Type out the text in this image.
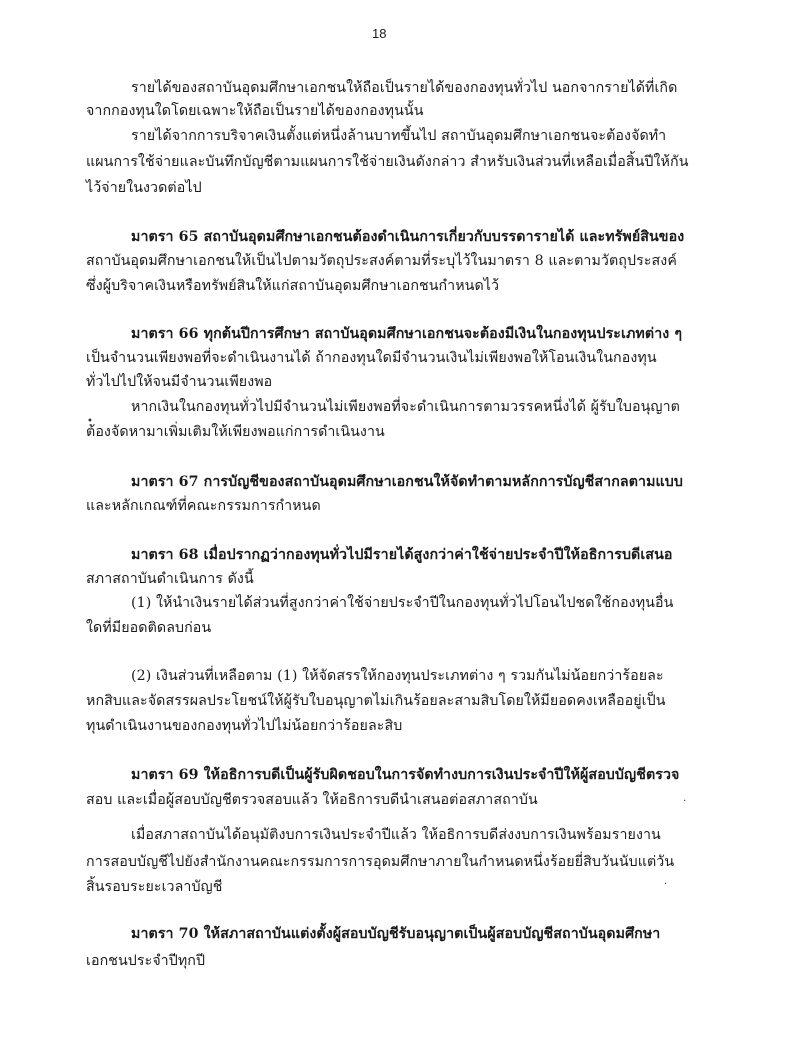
18
รายได้ของสถาบันอุดมศึกษาเอกชนให้ถือเป็นรายได้ของกองทุนทั่วไป นอกจากรายได้ที่เกิด
จากกองทุนใดโดยเฉพาะให้ถือเป็นรายได้ของกองทุนนั้น
รายได้จากการบริจาคเงินตั้งแต่หนึ่งล้านบาทขึ้นไป สถาบันอุดมศึกษาเอกชนจะต้องจัดทำ
แผนการใช้จ่ายและบันทึกบัญชีตามแผนการใช้จ่ายเงินดังกล่าว สำหรับเงินส่วนที่เหลือเมื่อสิ้นปีให้กัน
ไว้จ่ายในงวดต่อไป
มาตรา 65 สถาบันอุดมศึกษาเอกชนต้องดำเนินการเกี่ยวกับบรรดารายได้ และทรัพย์สินของ
สถาบันอุดมศึกษาเอกชนให้เป็นไปตามวัตถุประสงค์ตามที่ระบุไว้ในมาตรา 8 และตามวัตถุประสงค์
ซึ่งผู้บริจาคเงินหรือทรัพย์สินให้แก่สถาบันอุดมศึกษาเอกชนกำหนดไว้
มาตรา 66 ทุกต้นปีการศึกษา สถาบันอุดมศึกษาเอกชนจะต้องมีเงินในกองทุนประเภทต่าง ๆ
เป็นจำนวนเพียงพอที่จะดำเนินงานได้ ถ้ากองทุนใดมีจำนวนเงินไม่เพียงพอให้โอนเงินในกองทุน
ทั่วไปไปให้จนมีจำนวนเพียงพอ
หากเงินในกองทุนทั่วไปมีจำนวนไม่เพียงพอที่จะดำเนินการตามวรรคหนึ่งได้ ผู้รับใบอนุญาต
ต้องจัดหามาเพิ่มเติมให้เพียงพอแก่การดำเนินงาน
มาตรา 67 การบัญชีของสถาบันอุดมศึกษาเอกชนให้จัดทำตามหลักการบัญชีสากลตามแบบ
และหลักเกณฑ์ที่คณะกรรมการกำหนด
มาตรา 68 เมื่อปรากฏว่ากองทุนทั่วไปมีรายได้สูงกว่าค่าใช้จ่ายประจำปีให้อธิการบดีเสนอ
สภาสถาบันดำเนินการ ดังนี้
(1) ให้นำเงินรายได้ส่วนที่สูงกว่าค่าใช้จ่ายประจำปีในกองทุนทั่วไปโอนไปชดใช้กองทุนอื่น
ใดที่มียอดติดลบก่อน
(2) เงินส่วนที่เหลือตาม (1) ให้จัดสรรให้กองทุนประเภทต่าง ๆ รวมกันไม่น้อยกว่าร้อยละ
หกสิบและจัดสรรผลประโยชน์ให้ผู้รับใบอนุญาตไม่เกินร้อยละสามสิบโดยให้มียอดคงเหลืออยู่เป็น
ทุนดำเนินงานของกองทุนทั่วไปไม่น้อยกว่าร้อยละสิบ
มาตรา 69 ให้อธิการบดีเป็นผู้รับผิดชอบในการจัดทำงบการเงินประจำปีให้ผู้สอบบัญชีตรวจ
สอบ และเมื่อผู้สอบบัญชีตรวจสอบแล้ว ให้อธิการบดีนำเสนอต่อสภาสถาบัน
เมื่อสภาสถาบันได้อนุมัติงบการเงินประจำปีแล้ว ให้อธิการบดีส่งงบการเงินพร้อมรายงาน
การสอบบัญชีไปยังสำนักงานคณะกรรมการการอุดมศึกษาภายในกำหนดหนึ่งร้อยยี่สิบวันนับแต่วัน
สิ้นรอบระยะเวลาบัญชี
มาตรา 70 ให้สภาสถาบันแต่งตั้งผู้สอบบัญชีรับอนุญาตเป็นผู้สอบบัญชีสถาบันอุดมศึกษา
เอกชนประจำปีทุกปี
•
·
·
